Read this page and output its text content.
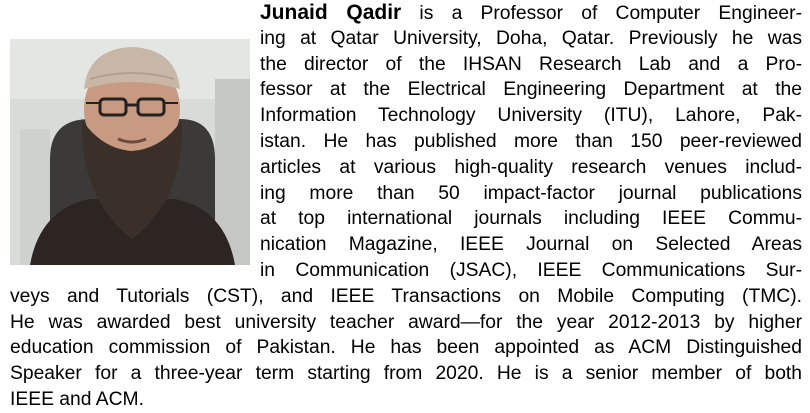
Junaid Qadir is a Professor of Computer Engineer-
ing at Qatar University, Doha, Qatar. Previously he was
the director of the IHSAN Research Lab and a Pro-
fessor at the Electrical Engineering Department at the
Information Technology University (ITU), Lahore, Pak-
istan. He has published more than 150 peer-reviewed
articles at various high-quality research venues includ-
ing more than 50 impact-factor journal publications
at top international journals including IEEE Commu-
nication Magazine, IEEE Journal on Selected Areas
in Communication (JSAC), IEEE Communications Sur-
veys and Tutorials (CST), and IEEE Transactions on Mobile Computing (TMC).
He was awarded best university teacher award—for the year 2012-2013 by higher
education commission of Pakistan. He has been appointed as ACM Distinguished
Speaker for a three-year term starting from 2020. He is a senior member of both
IEEE and ACM.
